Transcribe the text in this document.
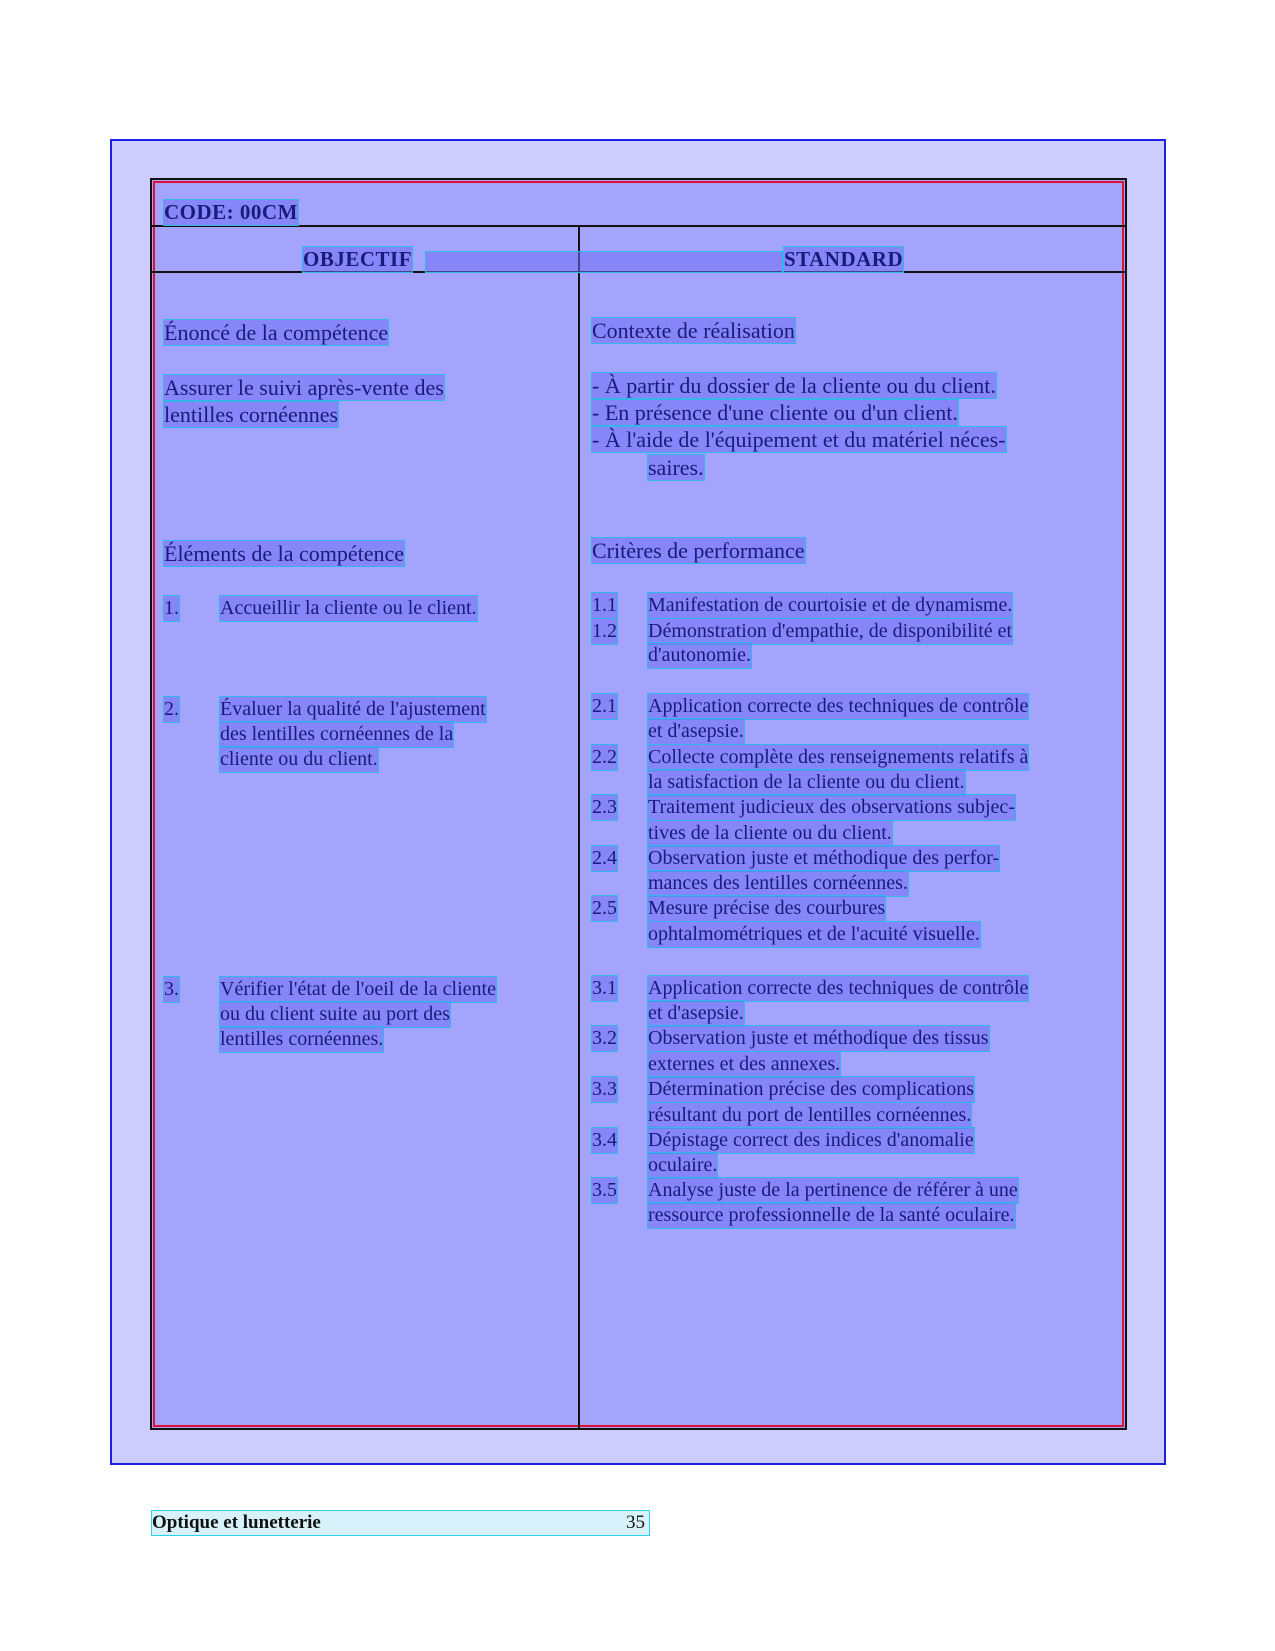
CODE: 00CM
OBJECTIF	STANDARD
Énoncé de la compétence
Assurer le suivi après-vente des
lentilles cornéennes
Éléments de la compétence
1. Accueillir la cliente ou le client.
2. Évaluer la qualité de l'ajustement
des lentilles cornéennes de la
cliente ou du client.
3. Vérifier l'état de l'oeil de la cliente
ou du client suite au port des
lentilles cornéennes.
Contexte de réalisation
- À partir du dossier de la cliente ou du client.
- En présence d'une cliente ou d'un client.
- À l'aide de l'équipement et du matériel néces-
saires.
Critères de performance
1.1 Manifestation de courtoisie et de dynamisme.
1.2 Démonstration d'empathie, de disponibilité et
d'autonomie.
2.1 Application correcte des techniques de contrôle
et d'asepsie.
2.2 Collecte complète des renseignements relatifs à
la satisfaction de la cliente ou du client.
2.3 Traitement judicieux des observations subjec-
tives de la cliente ou du client.
2.4 Observation juste et méthodique des perfor-
mances des lentilles cornéennes.
2.5 Mesure précise des courbures
ophtalmométriques et de l'acuité visuelle.
3.1 Application correcte des techniques de contrôle
et d'asepsie.
3.2 Observation juste et méthodique des tissus
externes et des annexes.
3.3 Détermination précise des complications
résultant du port de lentilles cornéennes.
3.4 Dépistage correct des indices d'anomalie
oculaire.
3.5 Analyse juste de la pertinence de référer à une
ressource professionnelle de la santé oculaire.
Optique et lunetterie	35
